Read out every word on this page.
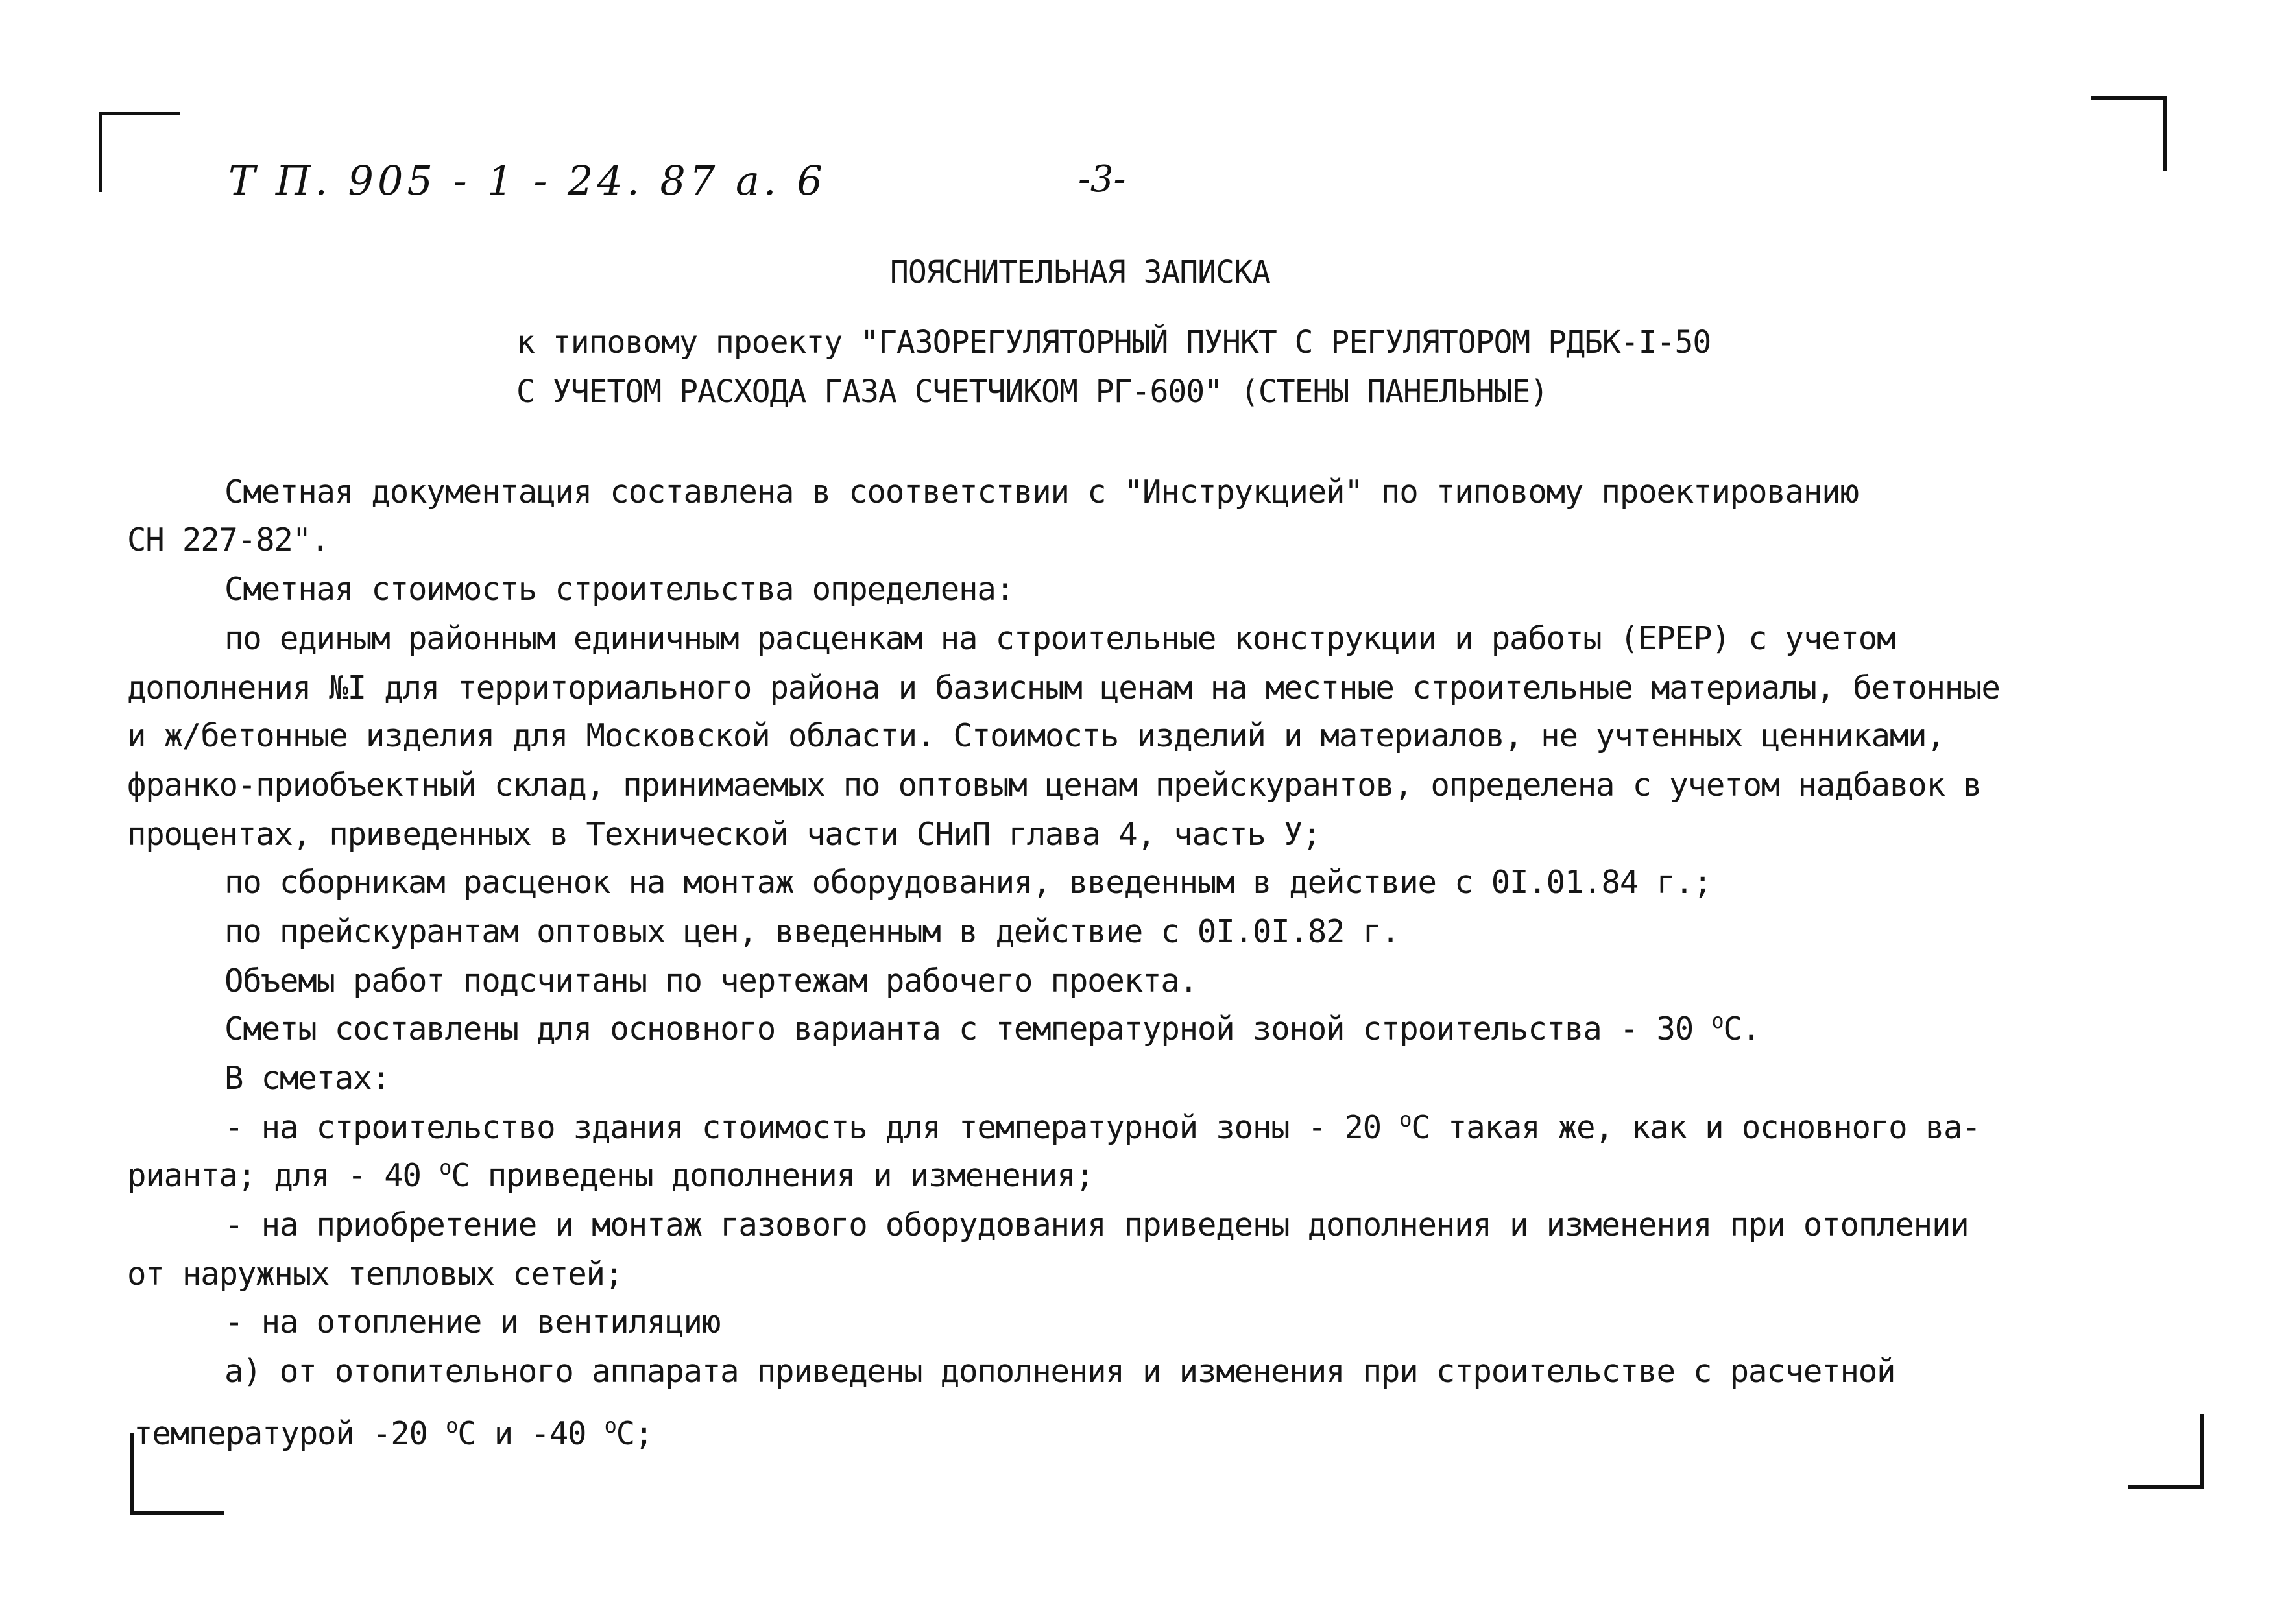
Т П. 905 - 1 - 24. 87 а. 6	-3-
ПОЯСНИТЕЛЬНАЯ ЗАПИСКА
к типовому проекту "ГАЗОРЕГУЛЯТОРНЫЙ ПУНКТ С РЕГУЛЯТОРОМ РДБК-I-50
С УЧЕТОМ РАСХОДА ГАЗА СЧЕТЧИКОМ РГ-600" (СТЕНЫ ПАНЕЛЬНЫЕ)
Сметная документация составлена в соответствии с "Инструкцией" по типовому проектированию
СН 227-82".
Сметная стоимость строительства определена:
по единым районным единичным расценкам на строительные конструкции и работы (ЕРЕР) с учетом
дополнения №I для территориального района и базисным ценам на местные строительные материалы, бетонные
и ж/бетонные изделия для Московской области. Стоимость изделий и материалов, не учтенных ценниками,
франко-приобъектный склад, принимаемых по оптовым ценам прейскурантов, определена с учетом надбавок в
процентах, приведенных в Технической части СНиП глава 4, часть У;
по сборникам расценок на монтаж оборудования, введенным в действие с 0I.01.84 г.;
по прейскурантам оптовых цен, введенным в действие с 0I.0I.82 г.
Объемы работ подсчитаны по чертежам рабочего проекта.
Сметы составлены для основного варианта с температурной зоной строительства - 30 $^о$С.
В сметах:
- на строительство здания стоимость для температурной зоны - 20 $^о$С такая же, как и основного ва-
рианта; для - 40 $^о$С приведены дополнения и изменения;
- на приобретение и монтаж газового оборудования приведены дополнения и изменения при отоплении
от наружных тепловых сетей;
- на отопление и вентиляцию
а) от отопительного аппарата приведены дополнения и изменения при строительстве с расчетной
температурой -20 $^о$С и -40 $^о$С;
